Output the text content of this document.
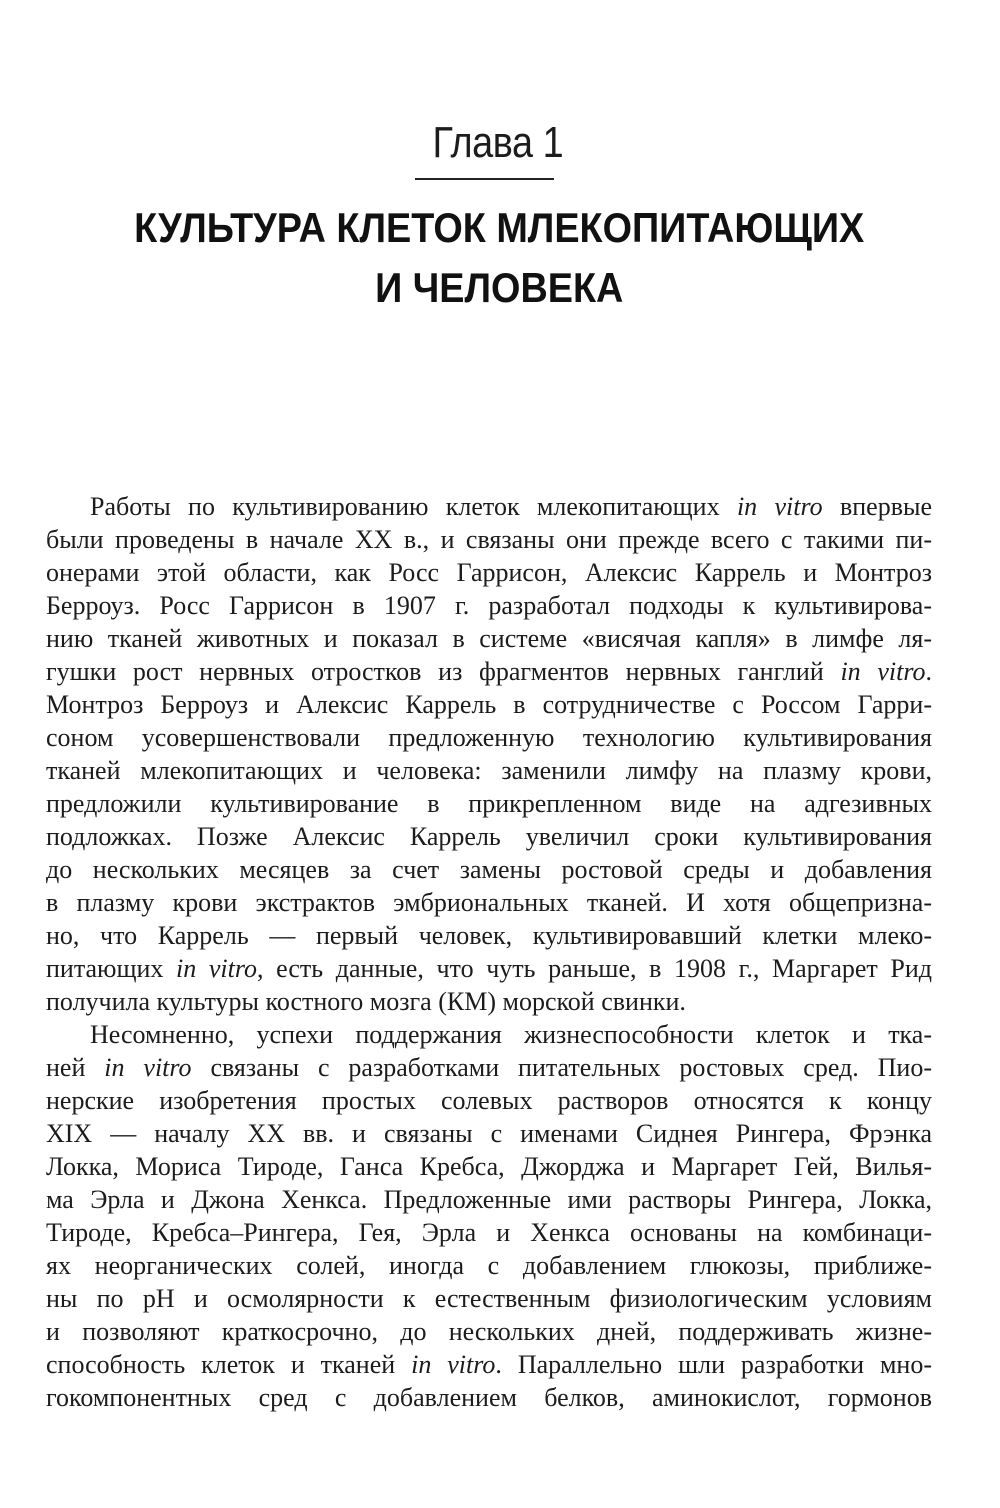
Глава 1
КУЛЬТУРА КЛЕТОК МЛЕКОПИТАЮЩИХ
И ЧЕЛОВЕКА
Работы по культивированию клеток млекопитающих in vitro впервые
были проведены в начале XX в., и связаны они прежде всего с такими пи-
онерами этой области, как Росс Гаррисон, Алексис Каррель и Монтроз
Берроуз. Росс Гаррисон в 1907 г. разработал подходы к культивирова-
нию тканей животных и показал в системе «висячая капля» в лимфе ля-
гушки рост нервных отростков из фрагментов нервных ганглий in vitro.
Монтроз Берроуз и Алексис Каррель в сотрудничестве с Россом Гарри-
соном усовершенствовали предложенную технологию культивирования
тканей млекопитающих и человека: заменили лимфу на плазму крови,
предложили культивирование в прикрепленном виде на адгезивных
подложках. Позже Алексис Каррель увеличил сроки культивирования
до нескольких месяцев за счет замены ростовой среды и добавления
в плазму крови экстрактов эмбриональных тканей. И хотя общепризна-
но, что Каррель — первый человек, культивировавший клетки млеко-
питающих in vitro, есть данные, что чуть раньше, в 1908 г., Маргарет Рид
получила культуры костного мозга (КМ) морской свинки.
Несомненно, успехи поддержания жизнеспособности клеток и тка-
ней in vitro связаны с разработками питательных ростовых сред. Пио-
нерские изобретения простых солевых растворов относятся к концу
XIX — началу XX вв. и связаны с именами Сиднея Рингера, Фрэнка
Локка, Мориса Тироде, Ганса Кребса, Джорджа и Маргарет Гей, Вилья-
ма Эрла и Джона Хенкса. Предложенные ими растворы Рингера, Локка,
Тироде, Кребса–Рингера, Гея, Эрла и Хенкса основаны на комбинаци-
ях неорганических солей, иногда с добавлением глюкозы, приближе-
ны по pH и осмолярности к естественным физиологическим условиям
и позволяют краткосрочно, до нескольких дней, поддерживать жизне-
способность клеток и тканей in vitro. Параллельно шли разработки мно-
гокомпонентных сред с добавлением белков, аминокислот, гормонов
